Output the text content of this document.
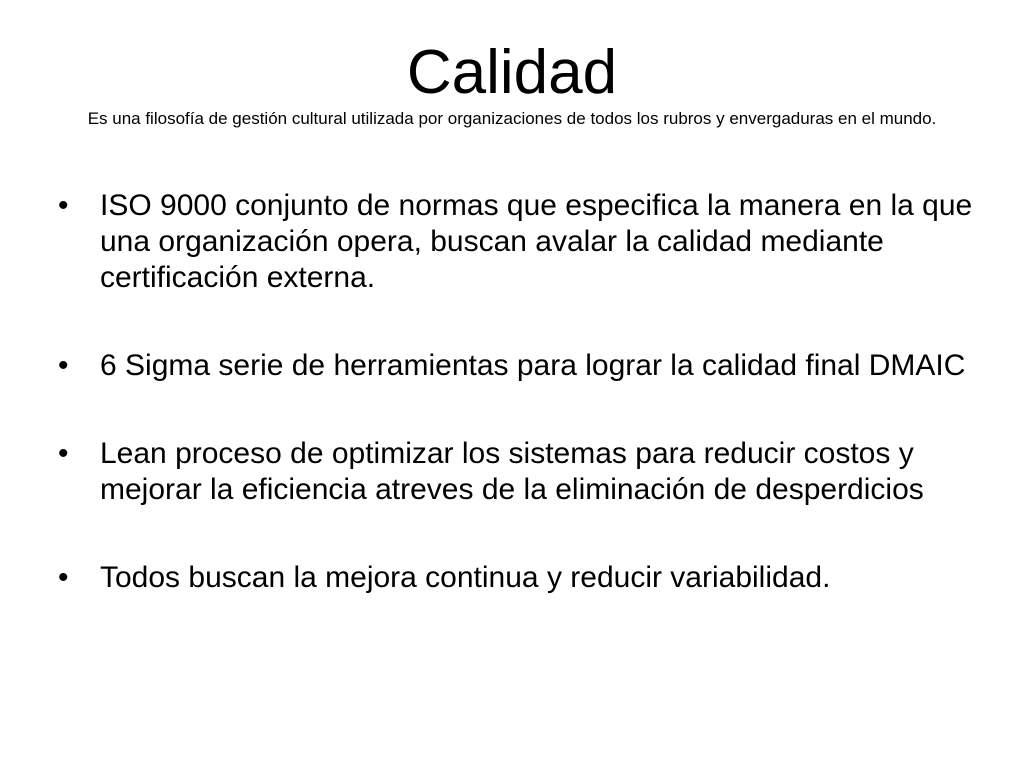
Calidad

Es una filosofía de gestión cultural utilizada por organizaciones de todos los rubros y envergaduras en el mundo.

•	ISO 9000 conjunto de normas que especifica la manera en la que una organización opera, buscan avalar la calidad mediante certificación externa.
•	6 Sigma serie de herramientas para lograr la calidad final DMAIC
•	Lean proceso de optimizar los sistemas para reducir costos y mejorar la eficiencia atreves de la eliminación de desperdicios
•	Todos buscan la mejora continua y reducir variabilidad.
